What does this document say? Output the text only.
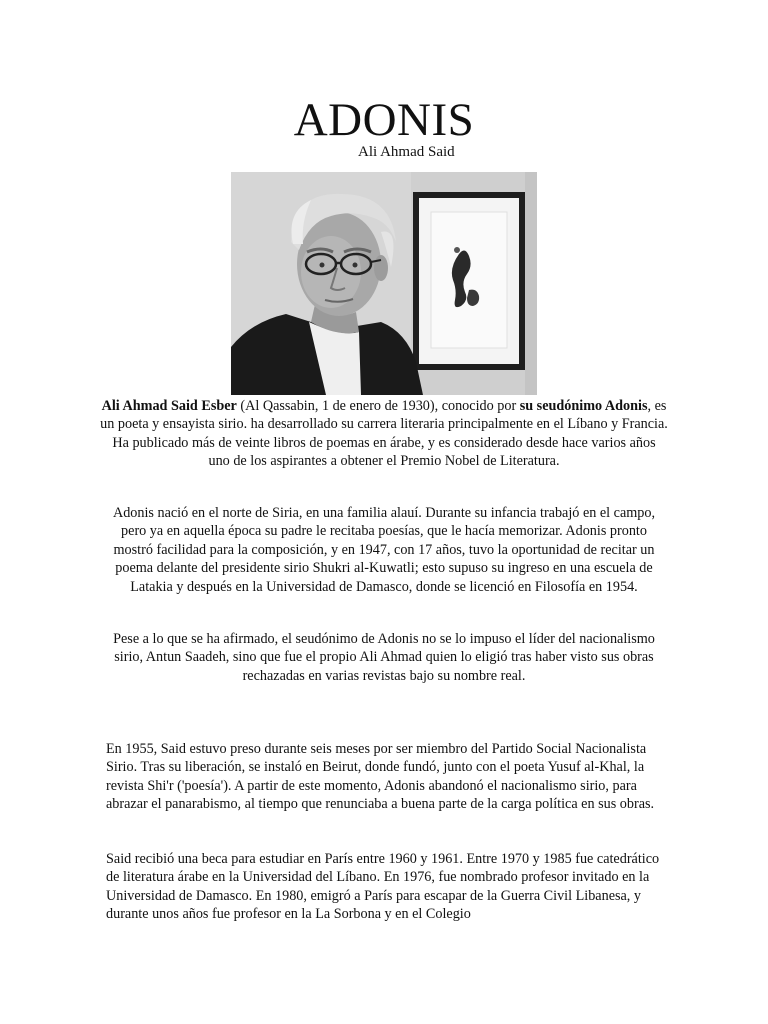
ADONIS

Ali Ahmad Said

Ali Ahmad Said Esber (Al Qassabin, 1 de enero de 1930), conocido por su seudónimo Adonis, es un poeta y ensayista sirio. ha desarrollado su carrera literaria principalmente en el Líbano y Francia. Ha publicado más de veinte libros de poemas en árabe, y es considerado desde hace varios años uno de los aspirantes a obtener el Premio Nobel de Literatura.

Adonis nació en el norte de Siria, en una familia alauí. Durante su infancia trabajó en el campo, pero ya en aquella época su padre le recitaba poesías, que le hacía memorizar. Adonis pronto mostró facilidad para la composición, y en 1947, con 17 años, tuvo la oportunidad de recitar un poema delante del presidente sirio Shukri al-Kuwatli; esto supuso su ingreso en una escuela de Latakia y después en la Universidad de Damasco, donde se licenció en Filosofía en 1954.

Pese a lo que se ha afirmado, el seudónimo de Adonis no se lo impuso el líder del nacionalismo sirio, Antun Saadeh, sino que fue el propio Ali Ahmad quien lo eligió tras haber visto sus obras rechazadas en varias revistas bajo su nombre real.

En 1955, Said estuvo preso durante seis meses por ser miembro del Partido Social Nacionalista Sirio. Tras su liberación, se instaló en Beirut, donde fundó, junto con el poeta Yusuf al-Khal, la revista Shi'r ('poesía'). A partir de este momento, Adonis abandonó el nacionalismo sirio, para abrazar el panarabismo, al tiempo que renunciaba a buena parte de la carga política en sus obras.

Said recibió una beca para estudiar en París entre 1960 y 1961. Entre 1970 y 1985 fue catedrático de literatura árabe en la Universidad del Líbano. En 1976, fue nombrado profesor invitado en la Universidad de Damasco. En 1980, emigró a París para escapar de la Guerra Civil Libanesa, y durante unos años fue profesor en la La Sorbona y en el Colegio
